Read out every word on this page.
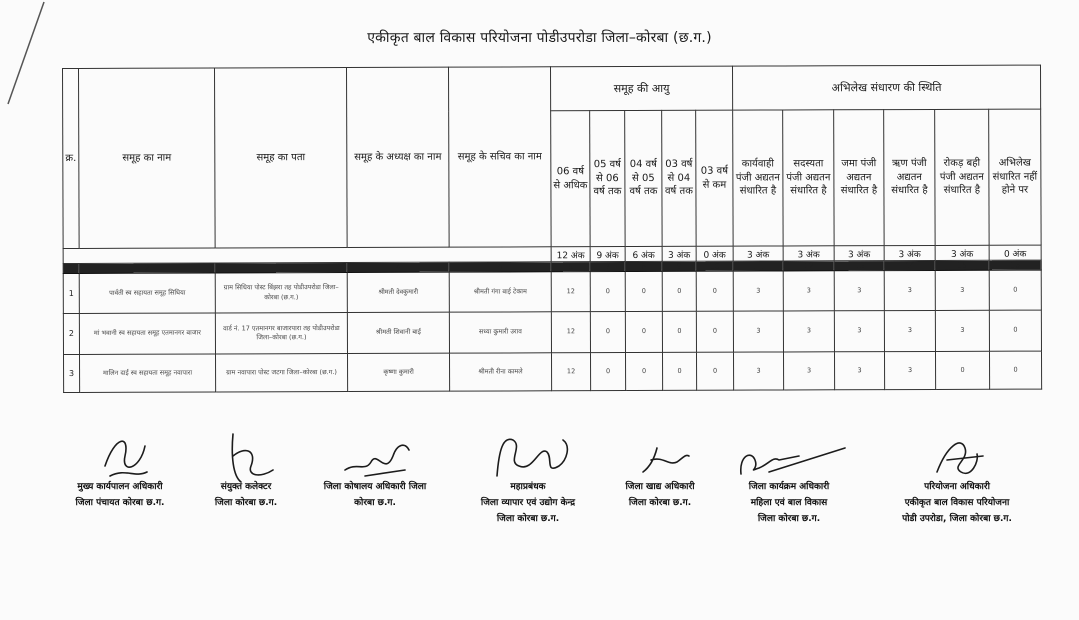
एकीकृत बाल विकास परियोजना पोडीउपरोडा जिला–कोरबा (छ.ग.)
क्र.	समूह का नाम	समूह का पता	समूह के अध्यक्ष का नाम	समूह के सचिव का नाम	समूह की आयु					अभिलेख संधारण की स्थिति					
					06 वर्ष से अधिक	05 वर्ष से 06 वर्ष तक	04 वर्ष से 05 वर्ष तक	03 वर्ष से 04 वर्ष तक	03 वर्ष से कम	कार्यवाही पंजी अद्यतन संधारित है	सदस्यता पंजी अद्यतन संधारित है	जमा पंजी अद्यतन संधारित है	ऋण पंजी अद्यतन संधारित है	रोकड़ बही पंजी अद्यतन संधारित है	अभिलेख संधारित नहीं होने पर
					12 अंक	9 अंक	6 अंक	3 अंक	0 अंक	3 अंक	3 अंक	3 अंक	3 अंक	3 अंक	0 अंक
1	2	3	4	5	6	7	8	9	10	11	12	13	14	15	16
1	पार्वती स्व सहायता समूह सिधिया	ग्राम सिधिया पोस्ट बिंझरा तह पोडीउपरोडा जिला–कोरबा (छ.ग.)	श्रीमती देवकुमारी	श्रीमती गंगा बाई टेकाम	12	0	0	0	0	3	3	3	3	3	0
2	मां भवानी स्व सहायता समूह एतमानगर बाजार	वार्ड नं. 17 एतमानगर बाजारपारा तह पोडीउपरोडा जिला–कोरबा (छ.ग.)	श्रीमती शिवानी बाई	सध्या कुमारी उराव	12	0	0	0	0	3	3	3	3	3	0
3	मालिन दाई स्व सहायता समूह नवापारा	ग्राम नवापारा पोस्ट जटगा जिला–कोरबा (छ.ग.)	कृष्णा कुमारी	श्रीमती रीना कामले	12	0	0	0	0	3	3	3	3	0	0
मुख्य कार्यपालन अधिकारी
जिला पंचायत कोरबा छ.ग.
संयुक्त कलेक्टर
जिला कोरबा छ.ग.
जिला कोषालय अधिकारी जिला
कोरबा छ.ग.
महाप्रबंधक
जिला व्यापार एवं उद्योग केन्द्र
जिला कोरबा छ.ग.
जिला खाद्य अधिकारी
जिला कोरबा छ.ग.
जिला कार्यक्रम अधिकारी
महिला एवं बाल विकास
जिला कोरबा छ.ग.
परियोजना अधिकारी
एकीकृत बाल विकास परियोजना
पोडी उपरोडा, जिला कोरबा छ.ग.
